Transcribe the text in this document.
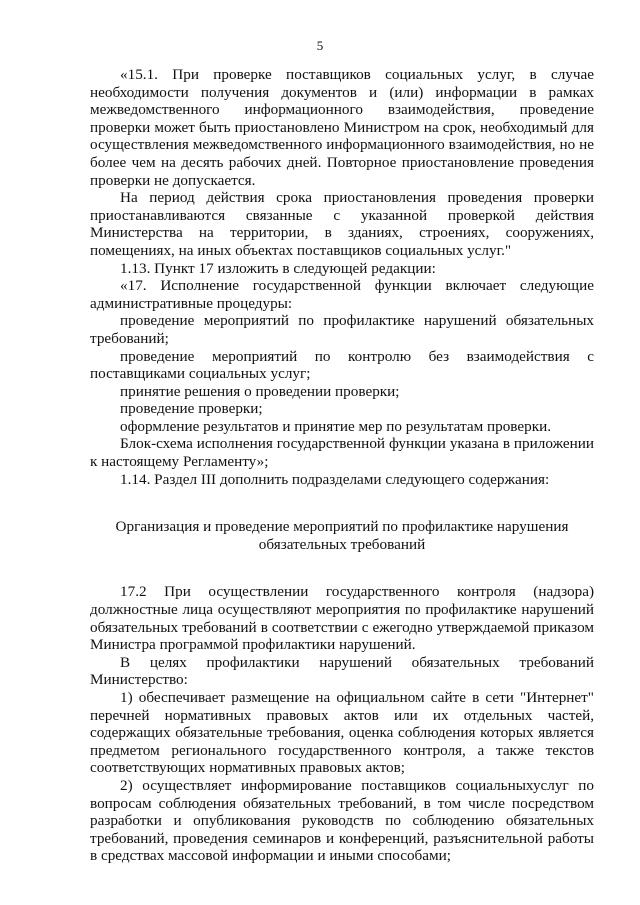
5

«15.1. При проверке поставщиков социальных услуг, в случае необходимости получения документов и (или) информации в рамках межведомственного информационного взаимодействия, проведение проверки может быть приостановлено Министром на срок, необходимый для осуществления межведомственного информационного взаимодействия, но не более чем на десять рабочих дней. Повторное приостановление проведения проверки не допускается.

На период действия срока приостановления проведения проверки приостанавливаются связанные с указанной проверкой действия Министерства на территории, в зданиях, строениях, сооружениях, помещениях, на иных объектах поставщиков социальных услуг."

1.13. Пункт 17 изложить в следующей редакции:

«17. Исполнение государственной функции включает следующие административные процедуры:

проведение мероприятий по профилактике нарушений обязательных требований;

проведение мероприятий по контролю без взаимодействия с поставщиками социальных услуг;

принятие решения о проведении проверки;

проведение проверки;

оформление результатов и принятие мер по результатам проверки.

Блок-схема исполнения государственной функции указана в приложении к настоящему Регламенту»;

1.14. Раздел III дополнить подразделами следующего содержания:

Организация и проведение мероприятий по профилактике нарушения обязательных требований

17.2 При осуществлении государственного контроля (надзора) должностные лица осуществляют мероприятия по профилактике нарушений обязательных требований в соответствии с ежегодно утверждаемой приказом Министра программой профилактики нарушений.

В целях профилактики нарушений обязательных требований Министерство:

1) обеспечивает размещение на официальном сайте в сети "Интернет" перечней нормативных правовых актов или их отдельных частей, содержащих обязательные требования, оценка соблюдения которых является предметом регионального государственного контроля, а также текстов соответствующих нормативных правовых актов;

2) осуществляет информирование поставщиков социальныхуслуг по вопросам соблюдения обязательных требований, в том числе посредством разработки и опубликования руководств по соблюдению обязательных требований, проведения семинаров и конференций, разъяснительной работы в средствах массовой информации и иными способами;
